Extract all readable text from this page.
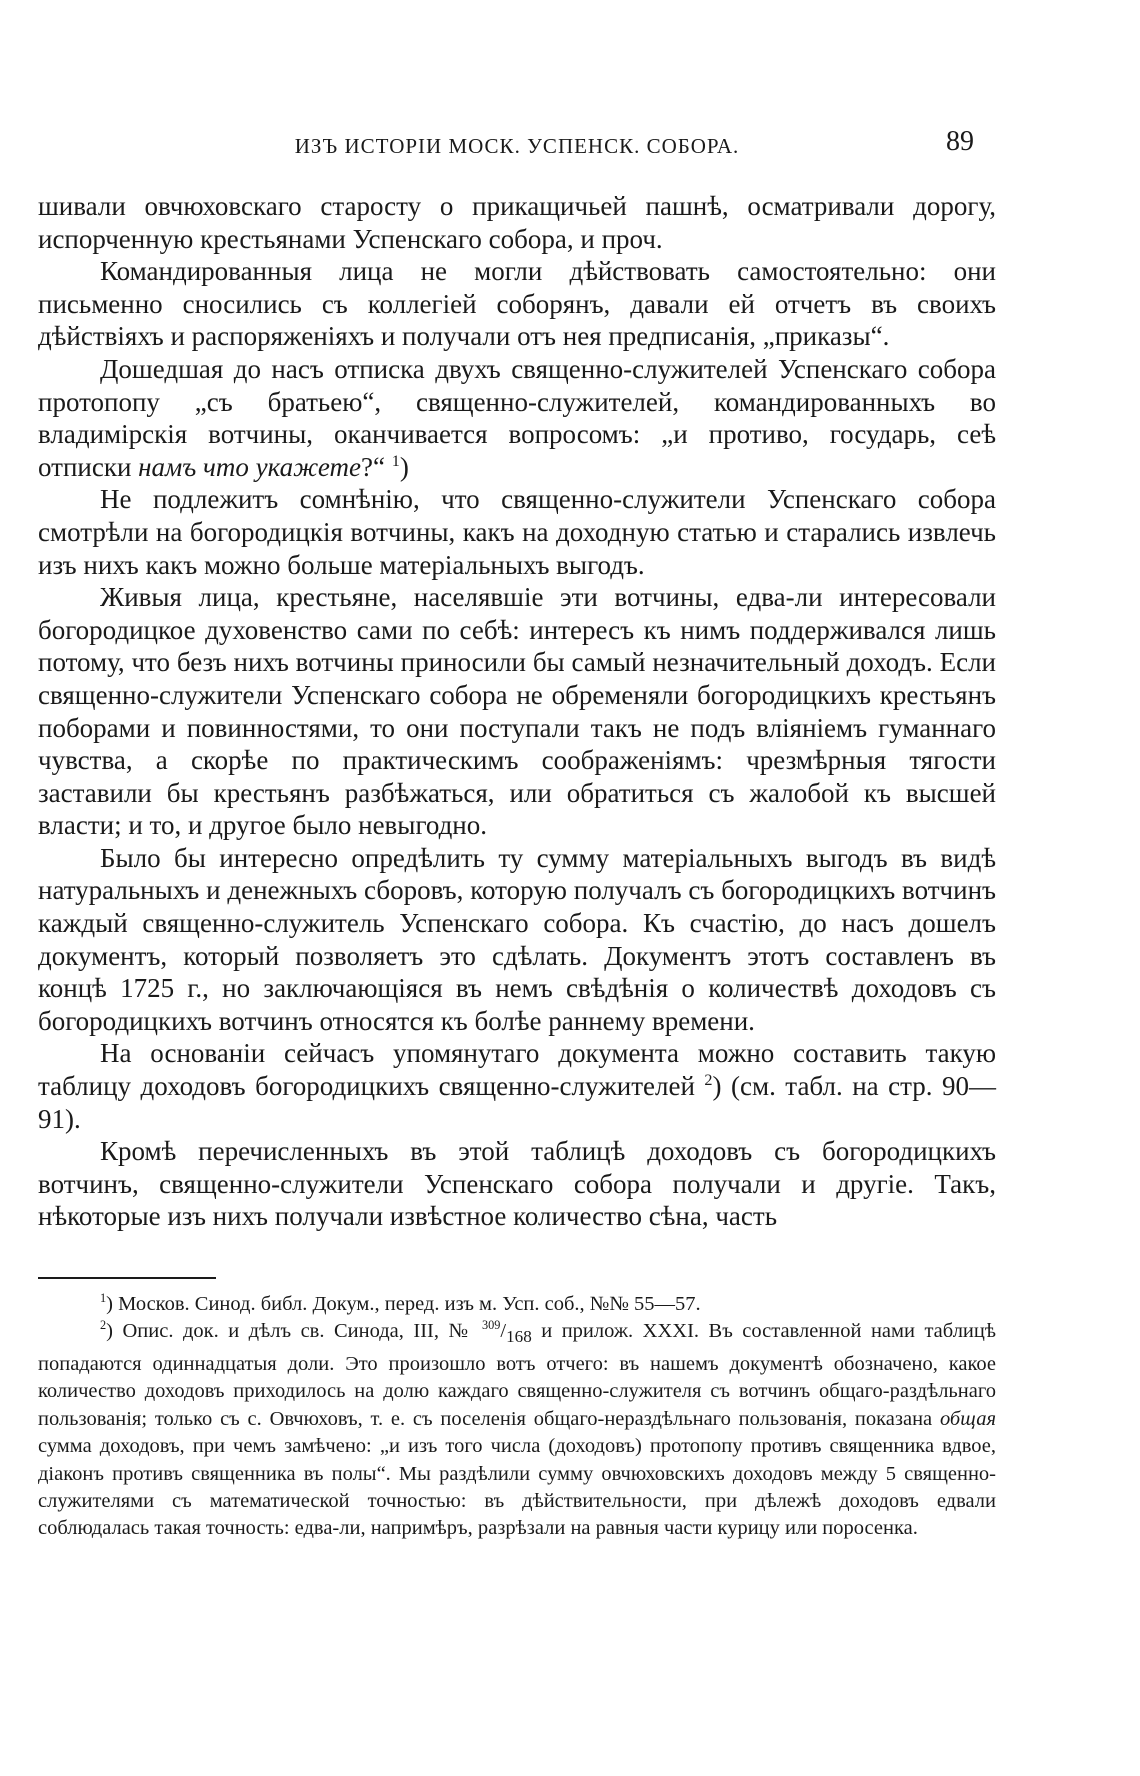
ИЗЪ ИСТОРІИ МОСК. УСПЕНСК. СОБОРА.	89

шивали овчюховскаго старосту о прикащичьей пашнѣ, осматривали дорогу, испорченную крестьянами Успенскаго собора, и проч.

Командированныя лица не могли дѣйствовать самостоятельно: они письменно сносились съ коллегіей соборянъ, давали ей отчетъ въ своихъ дѣйствіяхъ и распоряженіяхъ и получали отъ нея предписанія, „приказы“.

Дошедшая до насъ отписка двухъ священно-служителей Успенскаго собора протопопу „съ братьею“, священно-служителей, командированныхъ во владимірскія вотчины, оканчивается вопросомъ: „и противо, государь, сеѣ отписки намъ что укажете?“ $^1$)

Не подлежитъ сомнѣнію, что священно-служители Успенскаго собора смотрѣли на богородицкія вотчины, какъ на доходную статью и старались извлечь изъ нихъ какъ можно больше матеріальныхъ выгодъ.

Живыя лица, крестьяне, населявшіе эти вотчины, едва-ли интересовали богородицкое духовенство сами по себѣ: интересъ къ нимъ поддерживался лишь потому, что безъ нихъ вотчины приносили бы самый незначительный доходъ. Если священно-служители Успенскаго собора не обременяли богородицкихъ крестьянъ поборами и повинностями, то они поступали такъ не подъ вліяніемъ гуманнаго чувства, а скорѣе по практическимъ соображеніямъ: чрезмѣрныя тягости заставили бы крестьянъ разбѣжаться, или обратиться съ жалобой къ высшей власти; и то, и другое было невыгодно.

Было бы интересно опредѣлить ту сумму матеріальныхъ выгодъ въ видѣ натуральныхъ и денежныхъ сборовъ, которую получалъ съ богородицкихъ вотчинъ каждый священно-служитель Успенскаго собора. Къ счастію, до насъ дошелъ документъ, который позволяетъ это сдѣлать. Документъ этотъ составленъ въ концѣ 1725 г., но заключающіяся въ немъ свѣдѣнія о количествѣ доходовъ съ богородицкихъ вотчинъ относятся къ болѣе раннему времени.

На основаніи сейчасъ упомянутаго документа можно составить такую таблицу доходовъ богородицкихъ священно-служителей $^2$) (см. табл. на стр. 90—91).

Кромѣ перечисленныхъ въ этой таблицѣ доходовъ съ богородицкихъ вотчинъ, священно-служители Успенскаго собора получали и другіе. Такъ, нѣкоторые изъ нихъ получали извѣстное количество сѣна, часть

$^1$) Москов. Синод. библ. Докум., перед. изъ м. Усп. соб., №№ 55—57.

$^2$) Опис. док. и дѣлъ св. Синода, III, № $^{309}/_{168}$ и прилож. XXXI. Въ составленной нами таблицѣ попадаются одиннадцатыя доли. Это произошло вотъ отчего: въ нашемъ документѣ обозначено, какое количество доходовъ приходилось на долю каждаго священно-служителя съ вотчинъ общаго-раздѣльнаго пользованія; только съ с. Овчюховъ, т. е. съ поселенія общаго-нераздѣльнаго пользованія, показана общая сумма доходовъ, при чемъ замѣчено: „и изъ того числа (доходовъ) протопопу противъ священника вдвое, діаконъ противъ священника въ полы“. Мы раздѣлили сумму овчюховскихъ доходовъ между 5 священно-служителями съ математической точностью: въ дѣйствительности, при дѣлежѣ доходовъ едвали соблюдалась такая точность: едва-ли, напримѣръ, разрѣзали на равныя части курицу или поросенка.
